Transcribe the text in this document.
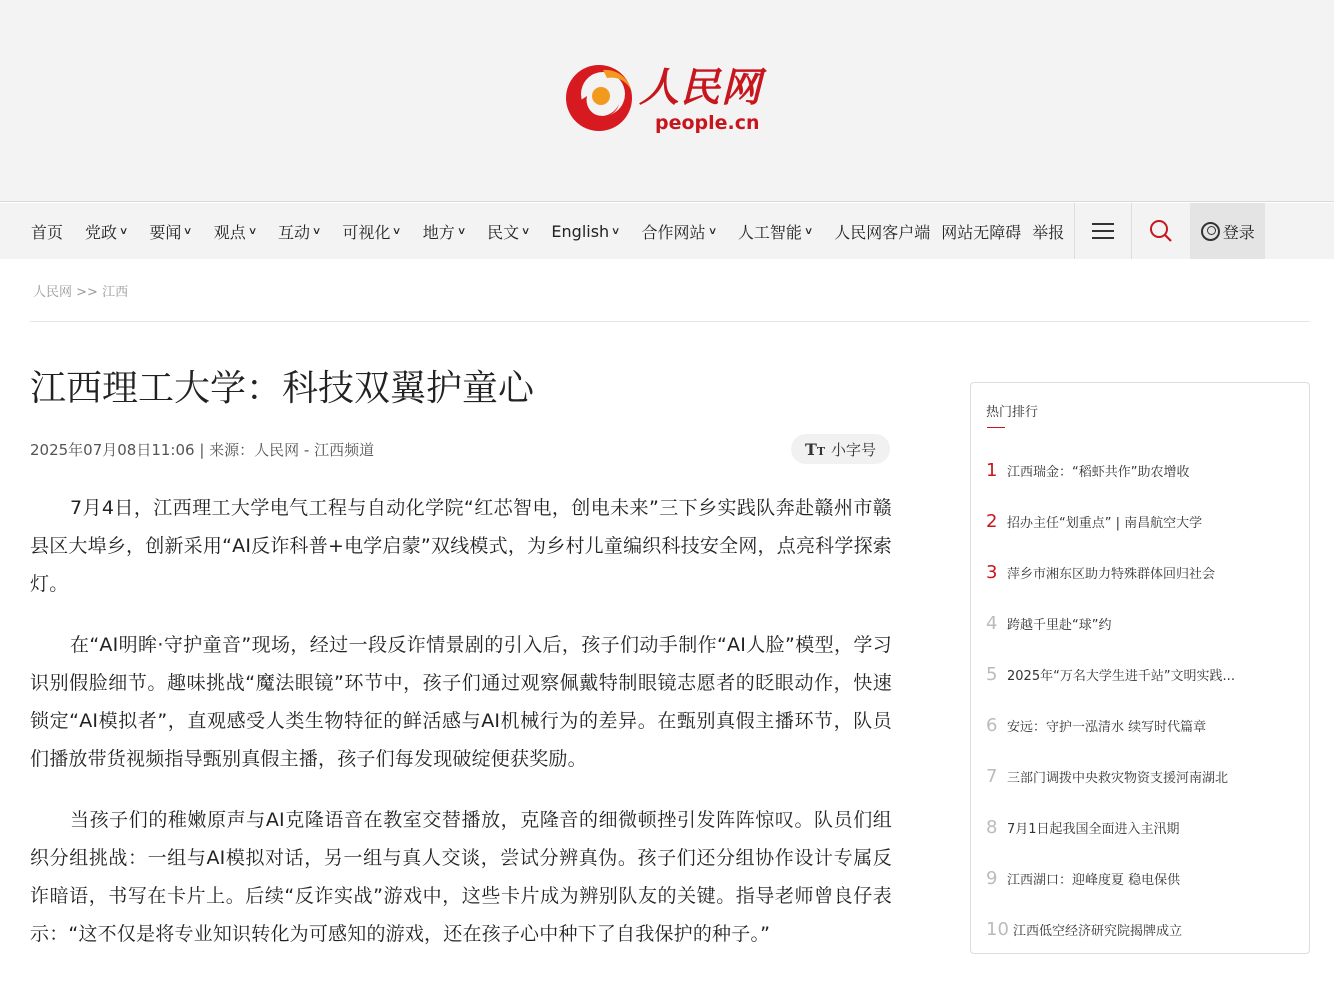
人民网
people.cn
首页 党政 ∨ 要闻 ∨ 观点 ∨ 互动 ∨ 可视化 ∨ 地方 ∨ 民文 ∨ English ∨ 合作网站 ∨ 人工智能 ∨ 人民网客户端 网站无障碍 举报	登录
人民网 >> 江西
江西理工大学：科技双翼护童心
2025年07月08日11:06 | 来源：人民网 - 江西频道	TT 小字号

7月4日，江西理工大学电气工程与自动化学院“红芯智电，创电未来”三下乡实践队奔赴赣州市赣县区大埠乡，创新采用“AI反诈科普+电学启蒙”双线模式，为乡村儿童编织科技安全网，点亮科学探索灯。

在“AI明眸·守护童音”现场，经过一段反诈情景剧的引入后，孩子们动手制作“AI人脸”模型，学习识别假脸细节。趣味挑战“魔法眼镜”环节中，孩子们通过观察佩戴特制眼镜志愿者的眨眼动作，快速锁定“AI模拟者”，直观感受人类生物特征的鲜活感与AI机械行为的差异。在甄别真假主播环节，队员们播放带货视频指导甄别真假主播，孩子们每发现破绽便获奖励。

当孩子们的稚嫩原声与AI克隆语音在教室交替播放，克隆音的细微顿挫引发阵阵惊叹。队员们组织分组挑战：一组与AI模拟对话，另一组与真人交谈，尝试分辨真伪。孩子们还分组协作设计专属反诈暗语，书写在卡片上。后续“反诈实战”游戏中，这些卡片成为辨别队友的关键。指导老师曾良仔表示：“这不仅是将专业知识转化为可感知的游戏，还在孩子心中种下了自我保护的种子。”

热门排行
1 江西瑞金：“稻虾共作”助农增收
2 招办主任“划重点” | 南昌航空大学
3 萍乡市湘东区助力特殊群体回归社会
4 跨越千里赴“球”约
5 2025年“万名大学生进千站”文明实践...
6 安远：守护一泓清水 续写时代篇章
7 三部门调拨中央救灾物资支援河南湖北
8 7月1日起我国全面进入主汛期
9 江西湖口：迎峰度夏 稳电保供
10 江西低空经济研究院揭牌成立
